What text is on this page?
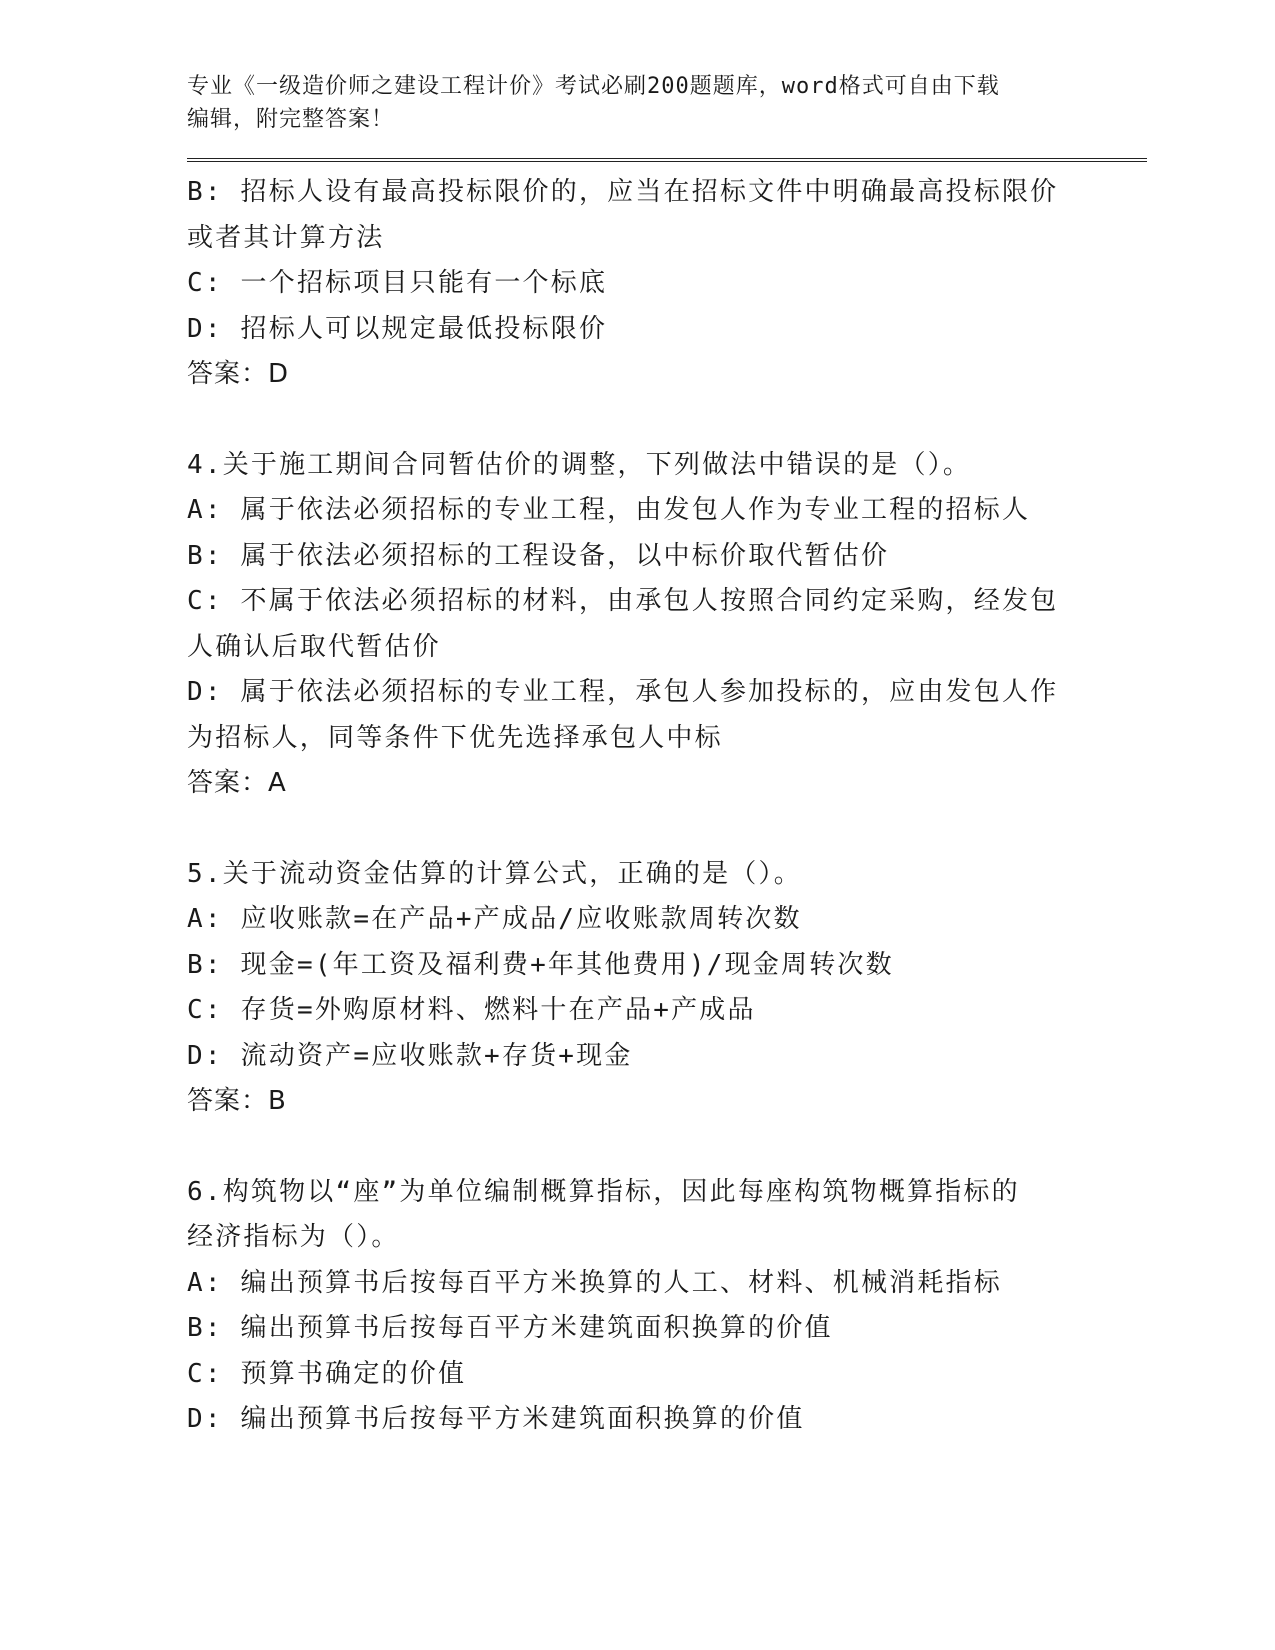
专业《一级造价师之建设工程计价》考试必刷200题题库，word格式可自由下载
编辑，附完整答案！
B: 招标人设有最高投标限价的，应当在招标文件中明确最高投标限价
或者其计算方法
C: 一个招标项目只能有一个标底
D: 招标人可以规定最低投标限价
答案：D
4.关于施工期间合同暂估价的调整，下列做法中错误的是（）。
A: 属于依法必须招标的专业工程，由发包人作为专业工程的招标人
B: 属于依法必须招标的工程设备，以中标价取代暂估价
C: 不属于依法必须招标的材料，由承包人按照合同约定采购，经发包
人确认后取代暂估价
D: 属于依法必须招标的专业工程，承包人参加投标的，应由发包人作
为招标人，同等条件下优先选择承包人中标
答案：A
5.关于流动资金估算的计算公式，正确的是（）。
A: 应收账款=在产品+产成品/应收账款周转次数
B: 现金=(年工资及福利费+年其他费用)/现金周转次数
C: 存货=外购原材料、燃料十在产品+产成品
D: 流动资产=应收账款+存货+现金
答案：B
6.构筑物以“座”为单位编制概算指标，因此每座构筑物概算指标的
经济指标为（）。
A: 编出预算书后按每百平方米换算的人工、材料、机械消耗指标
B: 编出预算书后按每百平方米建筑面积换算的价值
C: 预算书确定的价值
D: 编出预算书后按每平方米建筑面积换算的价值
